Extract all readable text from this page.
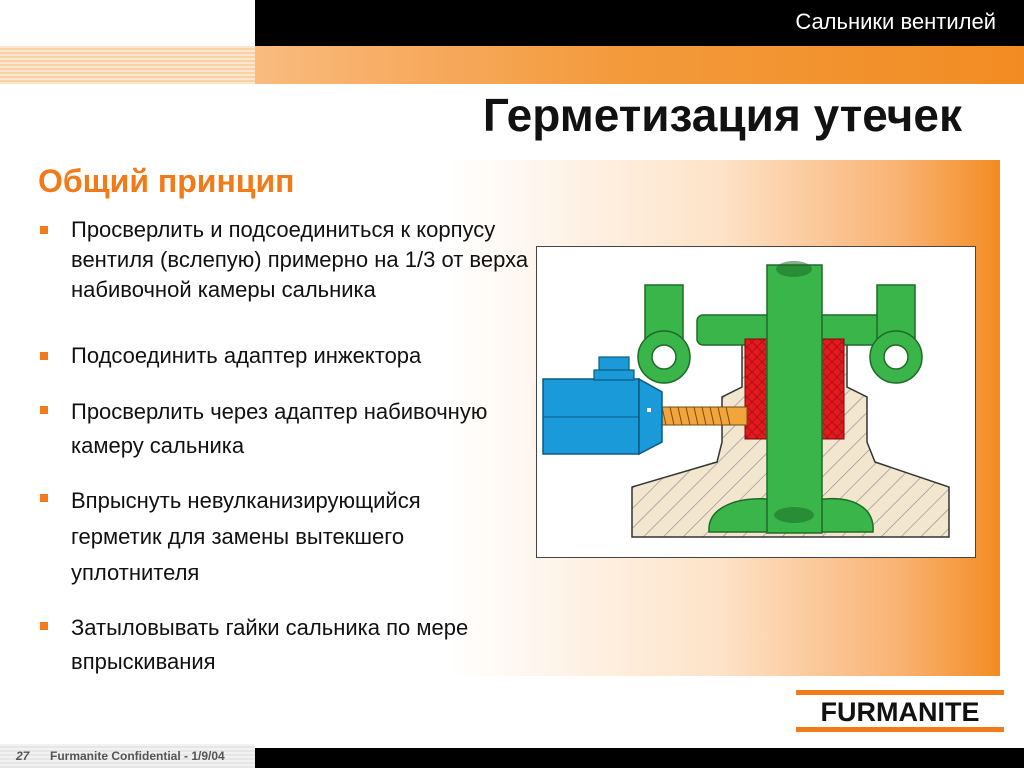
Сальники вентилей
Герметизация утечек
Общий принцип
Просверлить и подсоединиться к корпусу вентиля (вслепую) примерно на 1/3 от верха набивочной камеры сальника
Подсоединить адаптер инжектора
Просверлить через адаптер набивочную камеру сальника
Впрыснуть невулканизирующийся герметик для замены вытекшего уплотнителя
Затыловывать гайки сальника по мере впрыскивания
FURMANITE
27 Furmanite Confidential - 1/9/04
